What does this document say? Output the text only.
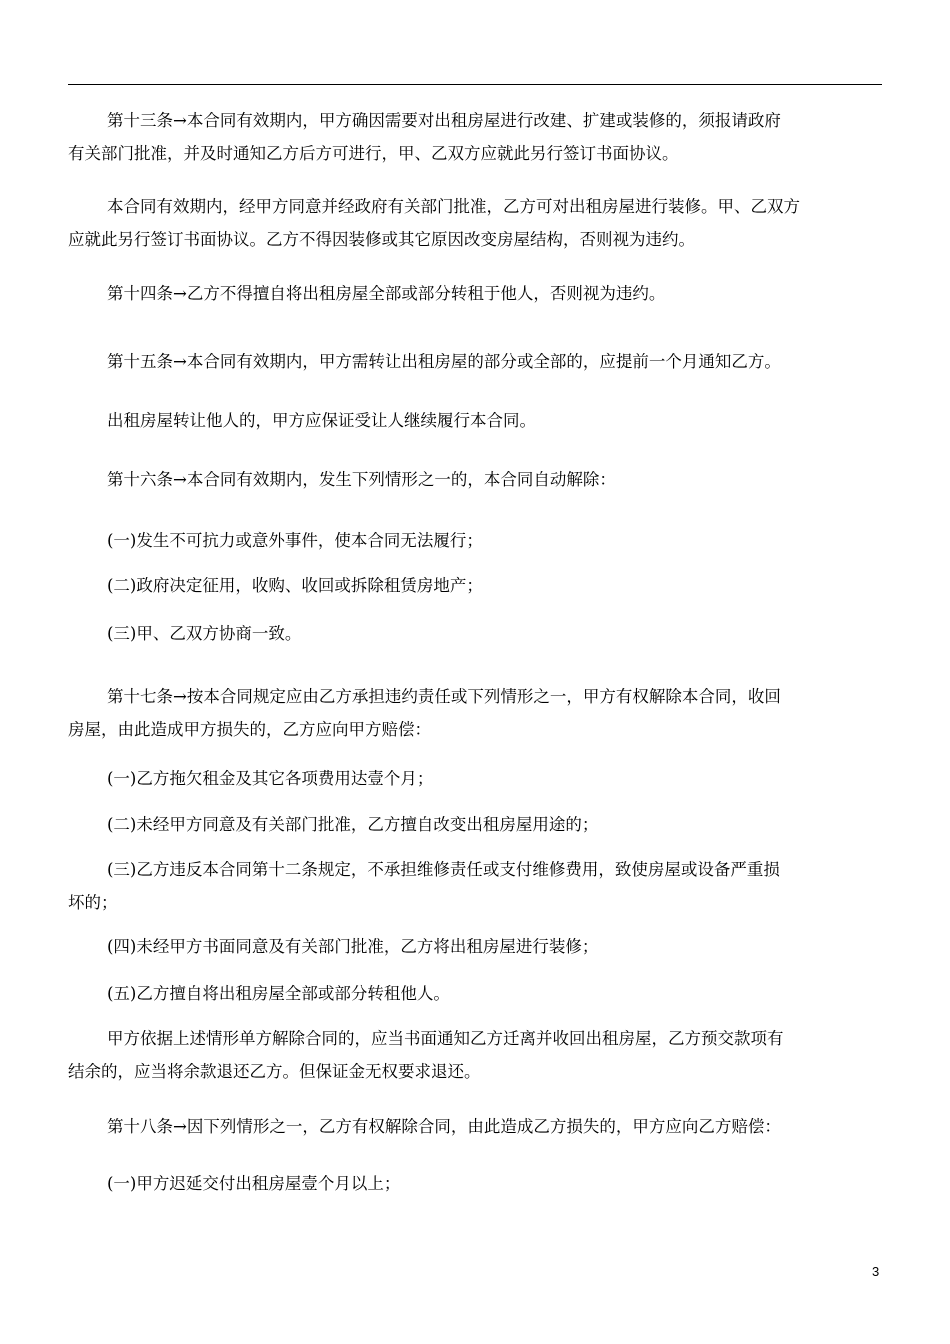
第十三条→本合同有效期内，甲方确因需要对出租房屋进行改建、扩建或装修的，须报请政府
有关部门批准，并及时通知乙方后方可进行，甲、乙双方应就此另行签订书面协议。
本合同有效期内，经甲方同意并经政府有关部门批准，乙方可对出租房屋进行装修。甲、乙双方
应就此另行签订书面协议。乙方不得因装修或其它原因改变房屋结构，否则视为违约。
第十四条→乙方不得擅自将出租房屋全部或部分转租于他人，否则视为违约。
第十五条→本合同有效期内，甲方需转让出租房屋的部分或全部的，应提前一个月通知乙方。
出租房屋转让他人的，甲方应保证受让人继续履行本合同。
第十六条→本合同有效期内，发生下列情形之一的，本合同自动解除：
(一)发生不可抗力或意外事件，使本合同无法履行；
(二)政府决定征用，收购、收回或拆除租赁房地产；
(三)甲、乙双方协商一致。
第十七条→按本合同规定应由乙方承担违约责任或下列情形之一，甲方有权解除本合同，收回
房屋，由此造成甲方损失的，乙方应向甲方赔偿：
(一)乙方拖欠租金及其它各项费用达壹个月；
(二)未经甲方同意及有关部门批准，乙方擅自改变出租房屋用途的；
(三)乙方违反本合同第十二条规定，不承担维修责任或支付维修费用，致使房屋或设备严重损
坏的；
(四)未经甲方书面同意及有关部门批准，乙方将出租房屋进行装修；
(五)乙方擅自将出租房屋全部或部分转租他人。
甲方依据上述情形单方解除合同的，应当书面通知乙方迁离并收回出租房屋，乙方预交款项有
结余的，应当将余款退还乙方。但保证金无权要求退还。
第十八条→因下列情形之一，乙方有权解除合同，由此造成乙方损失的，甲方应向乙方赔偿：
(一)甲方迟延交付出租房屋壹个月以上；
3
